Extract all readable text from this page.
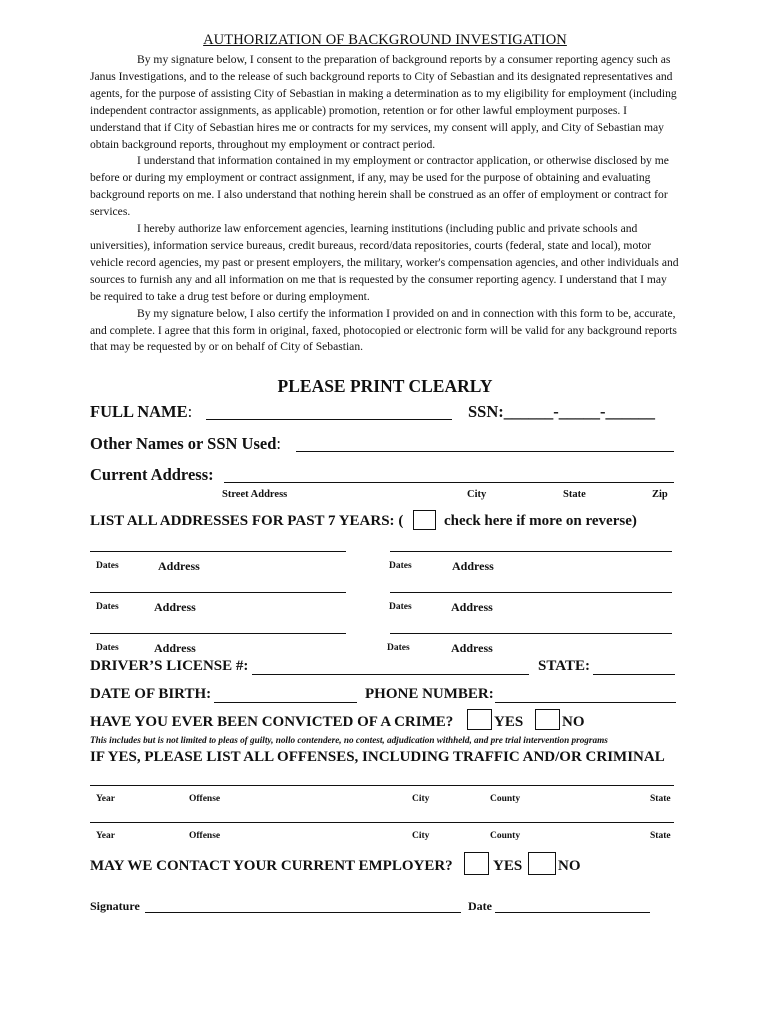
AUTHORIZATION OF BACKGROUND INVESTIGATION

By my signature below, I consent to the preparation of background reports by a consumer reporting agency such as Janus Investigations, and to the release of such background reports to City of Sebastian and its designated representatives and agents, for the purpose of assisting City of Sebastian in making a determination as to my eligibility for employment (including independent contractor assignments, as applicable) promotion, retention or for other lawful employment purposes. I understand that if City of Sebastian hires me or contracts for my services, my consent will apply, and City of Sebastian may obtain background reports, throughout my employment or contract period.

I understand that information contained in my employment or contractor application, or otherwise disclosed by me before or during my employment or contract assignment, if any, may be used for the purpose of obtaining and evaluating background reports on me. I also understand that nothing herein shall be construed as an offer of employment or contract for services.

I hereby authorize law enforcement agencies, learning institutions (including public and private schools and universities), information service bureaus, credit bureaus, record/data repositories, courts (federal, state and local), motor vehicle record agencies, my past or present employers, the military, worker's compensation agencies, and other individuals and sources to furnish any and all information on me that is requested by the consumer reporting agency. I understand that I may be required to take a drug test before or during employment.

By my signature below, I also certify the information I provided on and in connection with this form to be, accurate, and complete. I agree that this form in original, faxed, photocopied or electronic form will be valid for any background reports that may be requested by or on behalf of City of Sebastian.

PLEASE PRINT CLEARLY
FULL NAME:	SSN:______-_____-______
Other Names or SSN Used:
Current Address:
Street Address	City	State	Zip
LIST ALL ADDRESSES FOR PAST 7 YEARS: (	check here if more on reverse)
Dates	Address	Dates	Address
Dates	Address	Dates	Address
Dates	Address	Dates	Address
DRIVER’S LICENSE #:	STATE:
DATE OF BIRTH:	PHONE NUMBER:
HAVE YOU EVER BEEN CONVICTED OF A CRIME?	YES	NO
This includes but is not limited to pleas of guilty, nollo contendere, no contest, adjudication withheld, and pre trial intervention programs
IF YES, PLEASE LIST ALL OFFENSES, INCLUDING TRAFFIC AND/OR CRIMINAL
Year	Offense	City	County	State
Year	Offense	City	County	State
MAY WE CONTACT YOUR CURRENT EMPLOYER?	YES NO
Signature	Date
